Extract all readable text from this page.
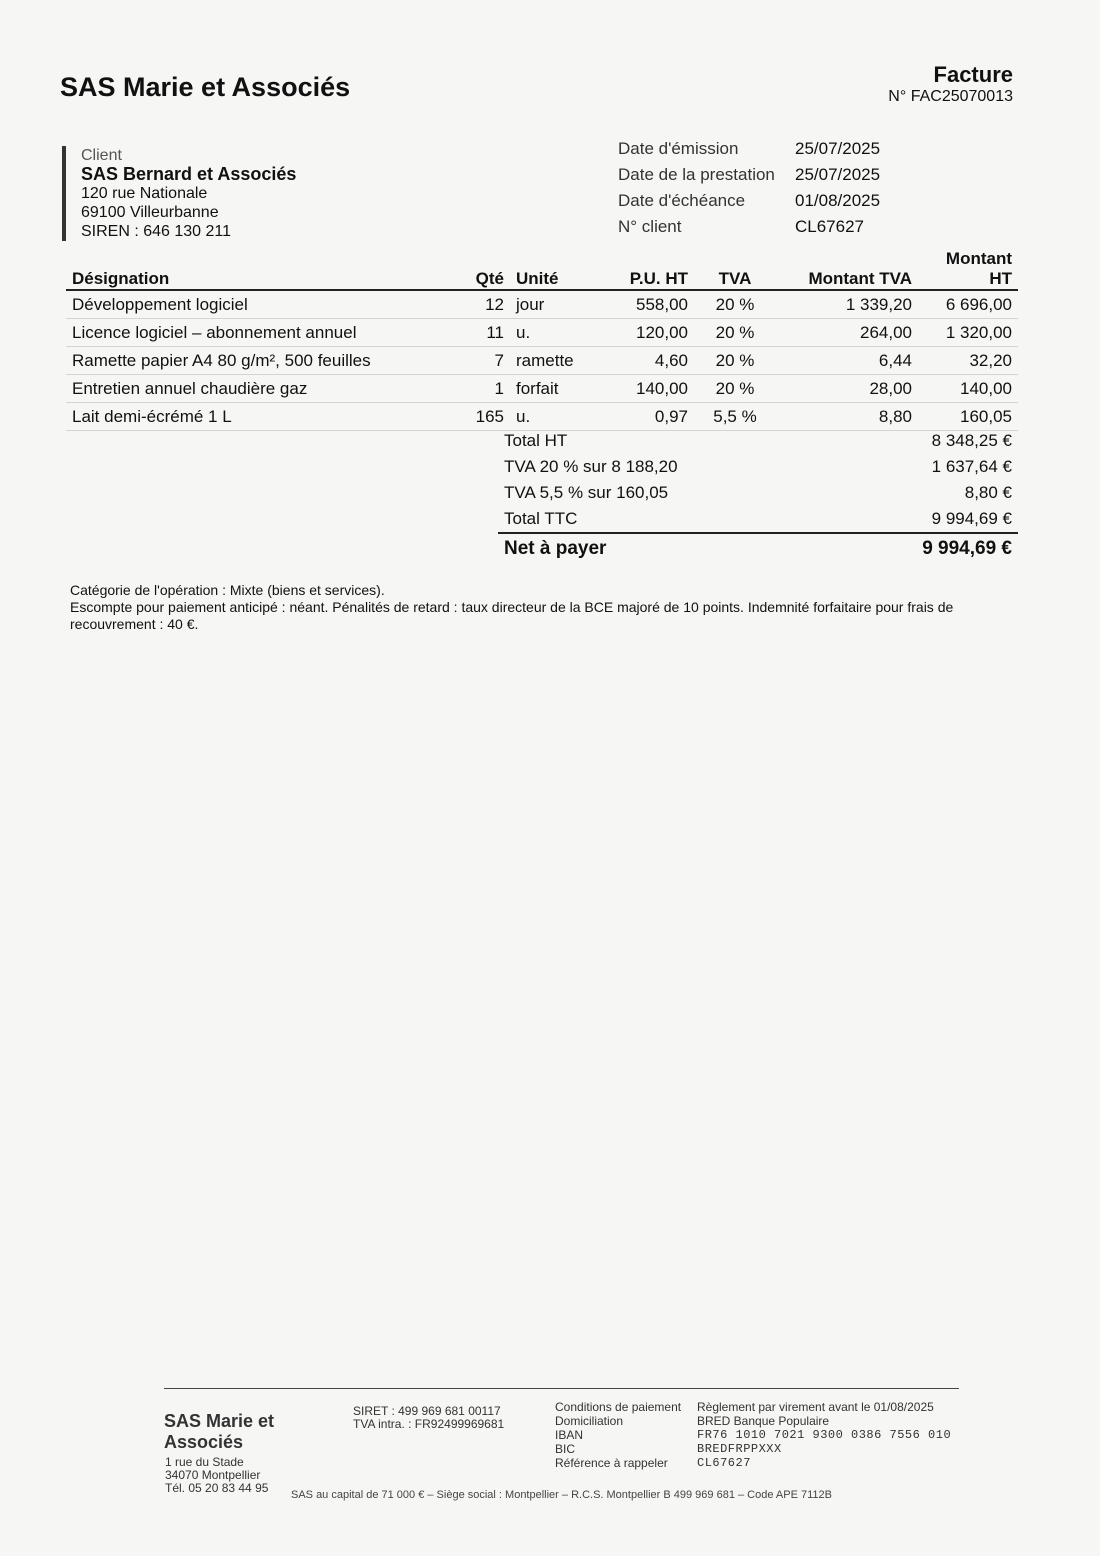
SAS Marie et Associés	Facture
N° FAC25070013
Client
SAS Bernard et Associés
120 rue Nationale
69100 Villeurbanne
SIREN : 646 130 211
Date d'émission	25/07/2025
Date de la prestation	25/07/2025
Date d'échéance	01/08/2025
N° client	CL67627
Désignation	Qté	Unité	P.U. HT	TVA	Montant TVA	Montant HT
Développement logiciel	12	jour	558,00	20 %	1 339,20	6 696,00
Licence logiciel – abonnement annuel	11	u.	120,00	20 %	264,00	1 320,00
Ramette papier A4 80 g/m², 500 feuilles	7	ramette	4,60	20 %	6,44	32,20
Entretien annuel chaudière gaz	1	forfait	140,00	20 %	28,00	140,00
Lait demi-écrémé 1 L	165	u.	0,97	5,5 %	8,80	160,05
Total HT	8 348,25 €
TVA 20 % sur 8 188,20	1 637,64 €
TVA 5,5 % sur 160,05	8,80 €
Total TTC	9 994,69 €
Net à payer	9 994,69 €
Catégorie de l'opération : Mixte (biens et services).
Escompte pour paiement anticipé : néant. Pénalités de retard : taux directeur de la BCE majoré de 10 points. Indemnité forfaitaire pour frais de recouvrement : 40 €.
SAS Marie et Associés
1 rue du Stade
34070 Montpellier
Tél. 05 20 83 44 95
SIRET : 499 969 681 00117
TVA intra. : FR92499969681
Conditions de paiement	Règlement par virement avant le 01/08/2025
Domiciliation	BRED Banque Populaire
IBAN	FR76 1010 7021 9300 0386 7556 010
BIC	BREDFRPPXXX
Référence à rappeler	CL67627
SAS au capital de 71 000 € – Siège social : Montpellier – R.C.S. Montpellier B 499 969 681 – Code APE 7112B
